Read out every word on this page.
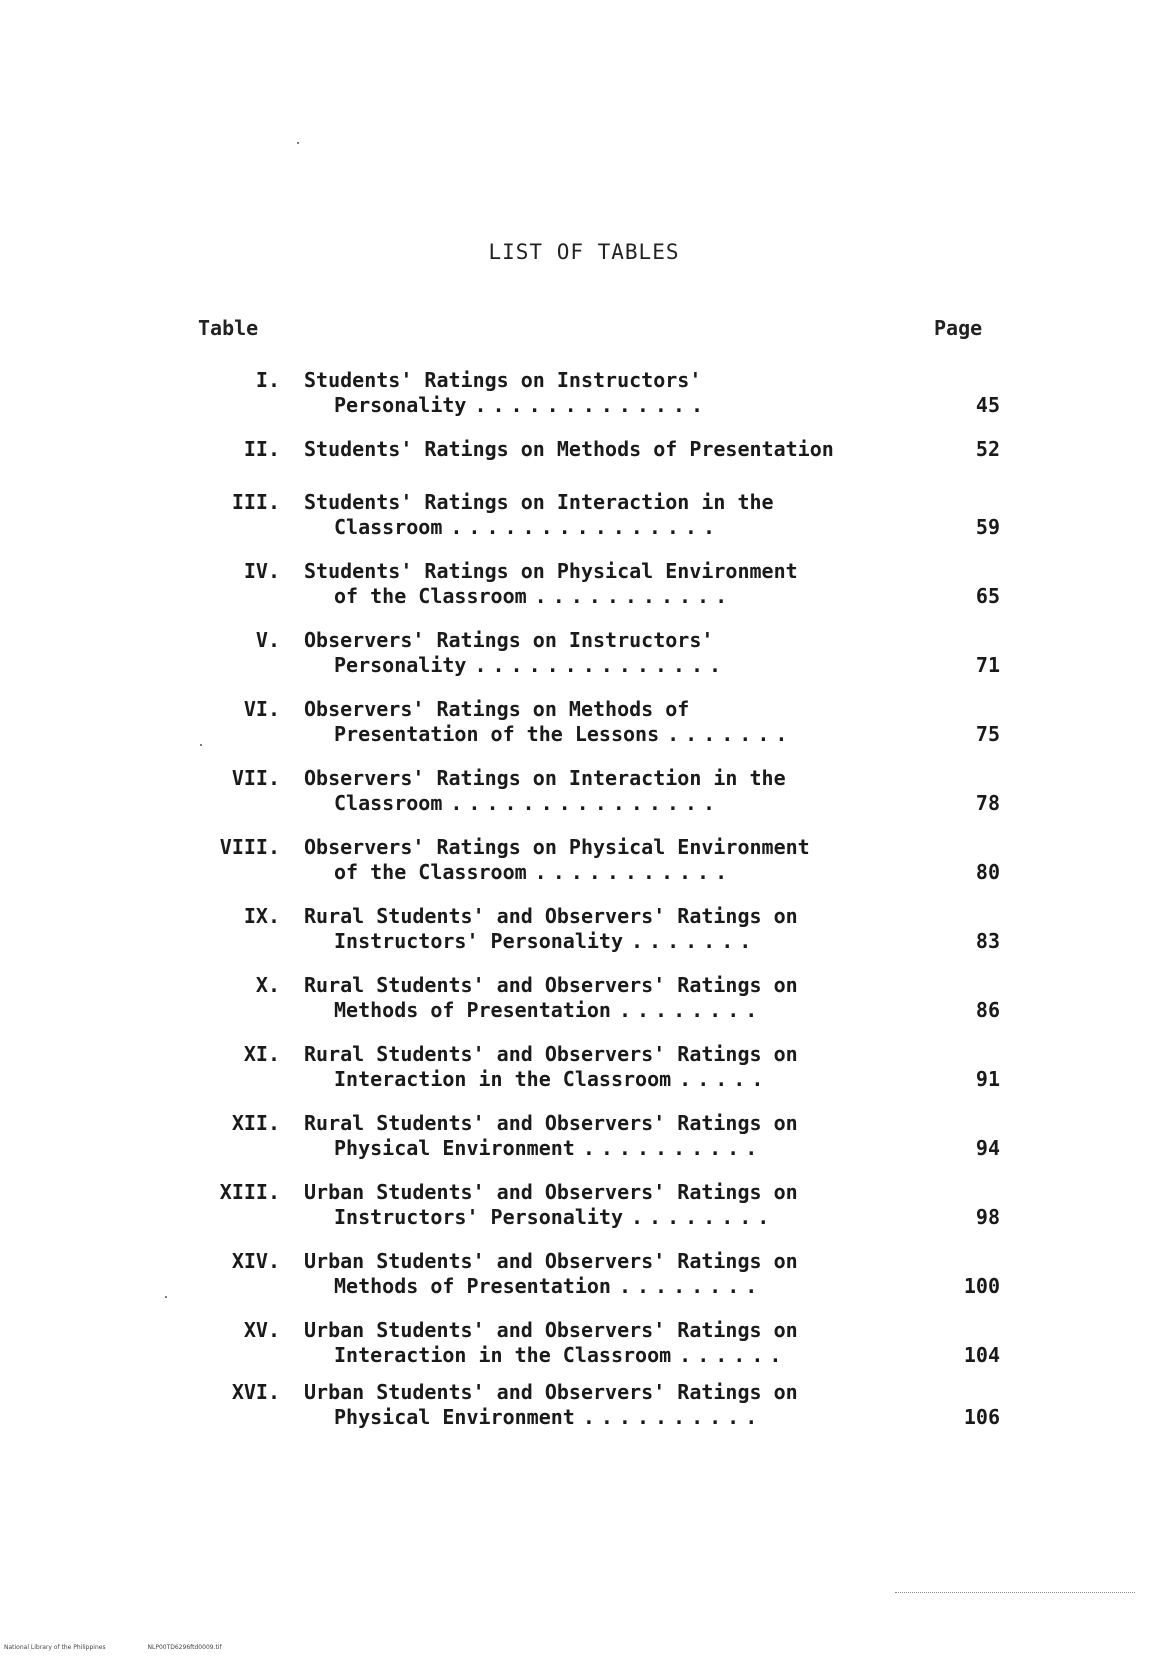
LIST OF TABLES
Table	Page
I. Students' Ratings on Instructors'
Personality .............	45
II. Students' Ratings on Methods of Presentation	52
III. Students' Ratings on Interaction in the
Classroom ...............	59
IV. Students' Ratings on Physical Environment
of the Classroom ...........	65
V. Observers' Ratings on Instructors'
Personality ..............	71
VI. Observers' Ratings on Methods of
Presentation of the Lessons .......	75
VII. Observers' Ratings on Interaction in the
Classroom ...............	78
VIII. Observers' Ratings on Physical Environment
of the Classroom ...........	80
IX. Rural Students' and Observers' Ratings on
Instructors' Personality .......	83
X. Rural Students' and Observers' Ratings on
Methods of Presentation ........	86
XI. Rural Students' and Observers' Ratings on
Interaction in the Classroom .....	91
XII. Rural Students' and Observers' Ratings on
Physical Environment ..........	94
XIII. Urban Students' and Observers' Ratings on
Instructors' Personality ........	98
XIV. Urban Students' and Observers' Ratings on
Methods of Presentation ........	100
XV. Urban Students' and Observers' Ratings on
Interaction in the Classroom ......	104
XVI. Urban Students' and Observers' Ratings on
Physical Environment ..........	106
National Library of the Philippines	NLP00TD6296ftd0009.tif
